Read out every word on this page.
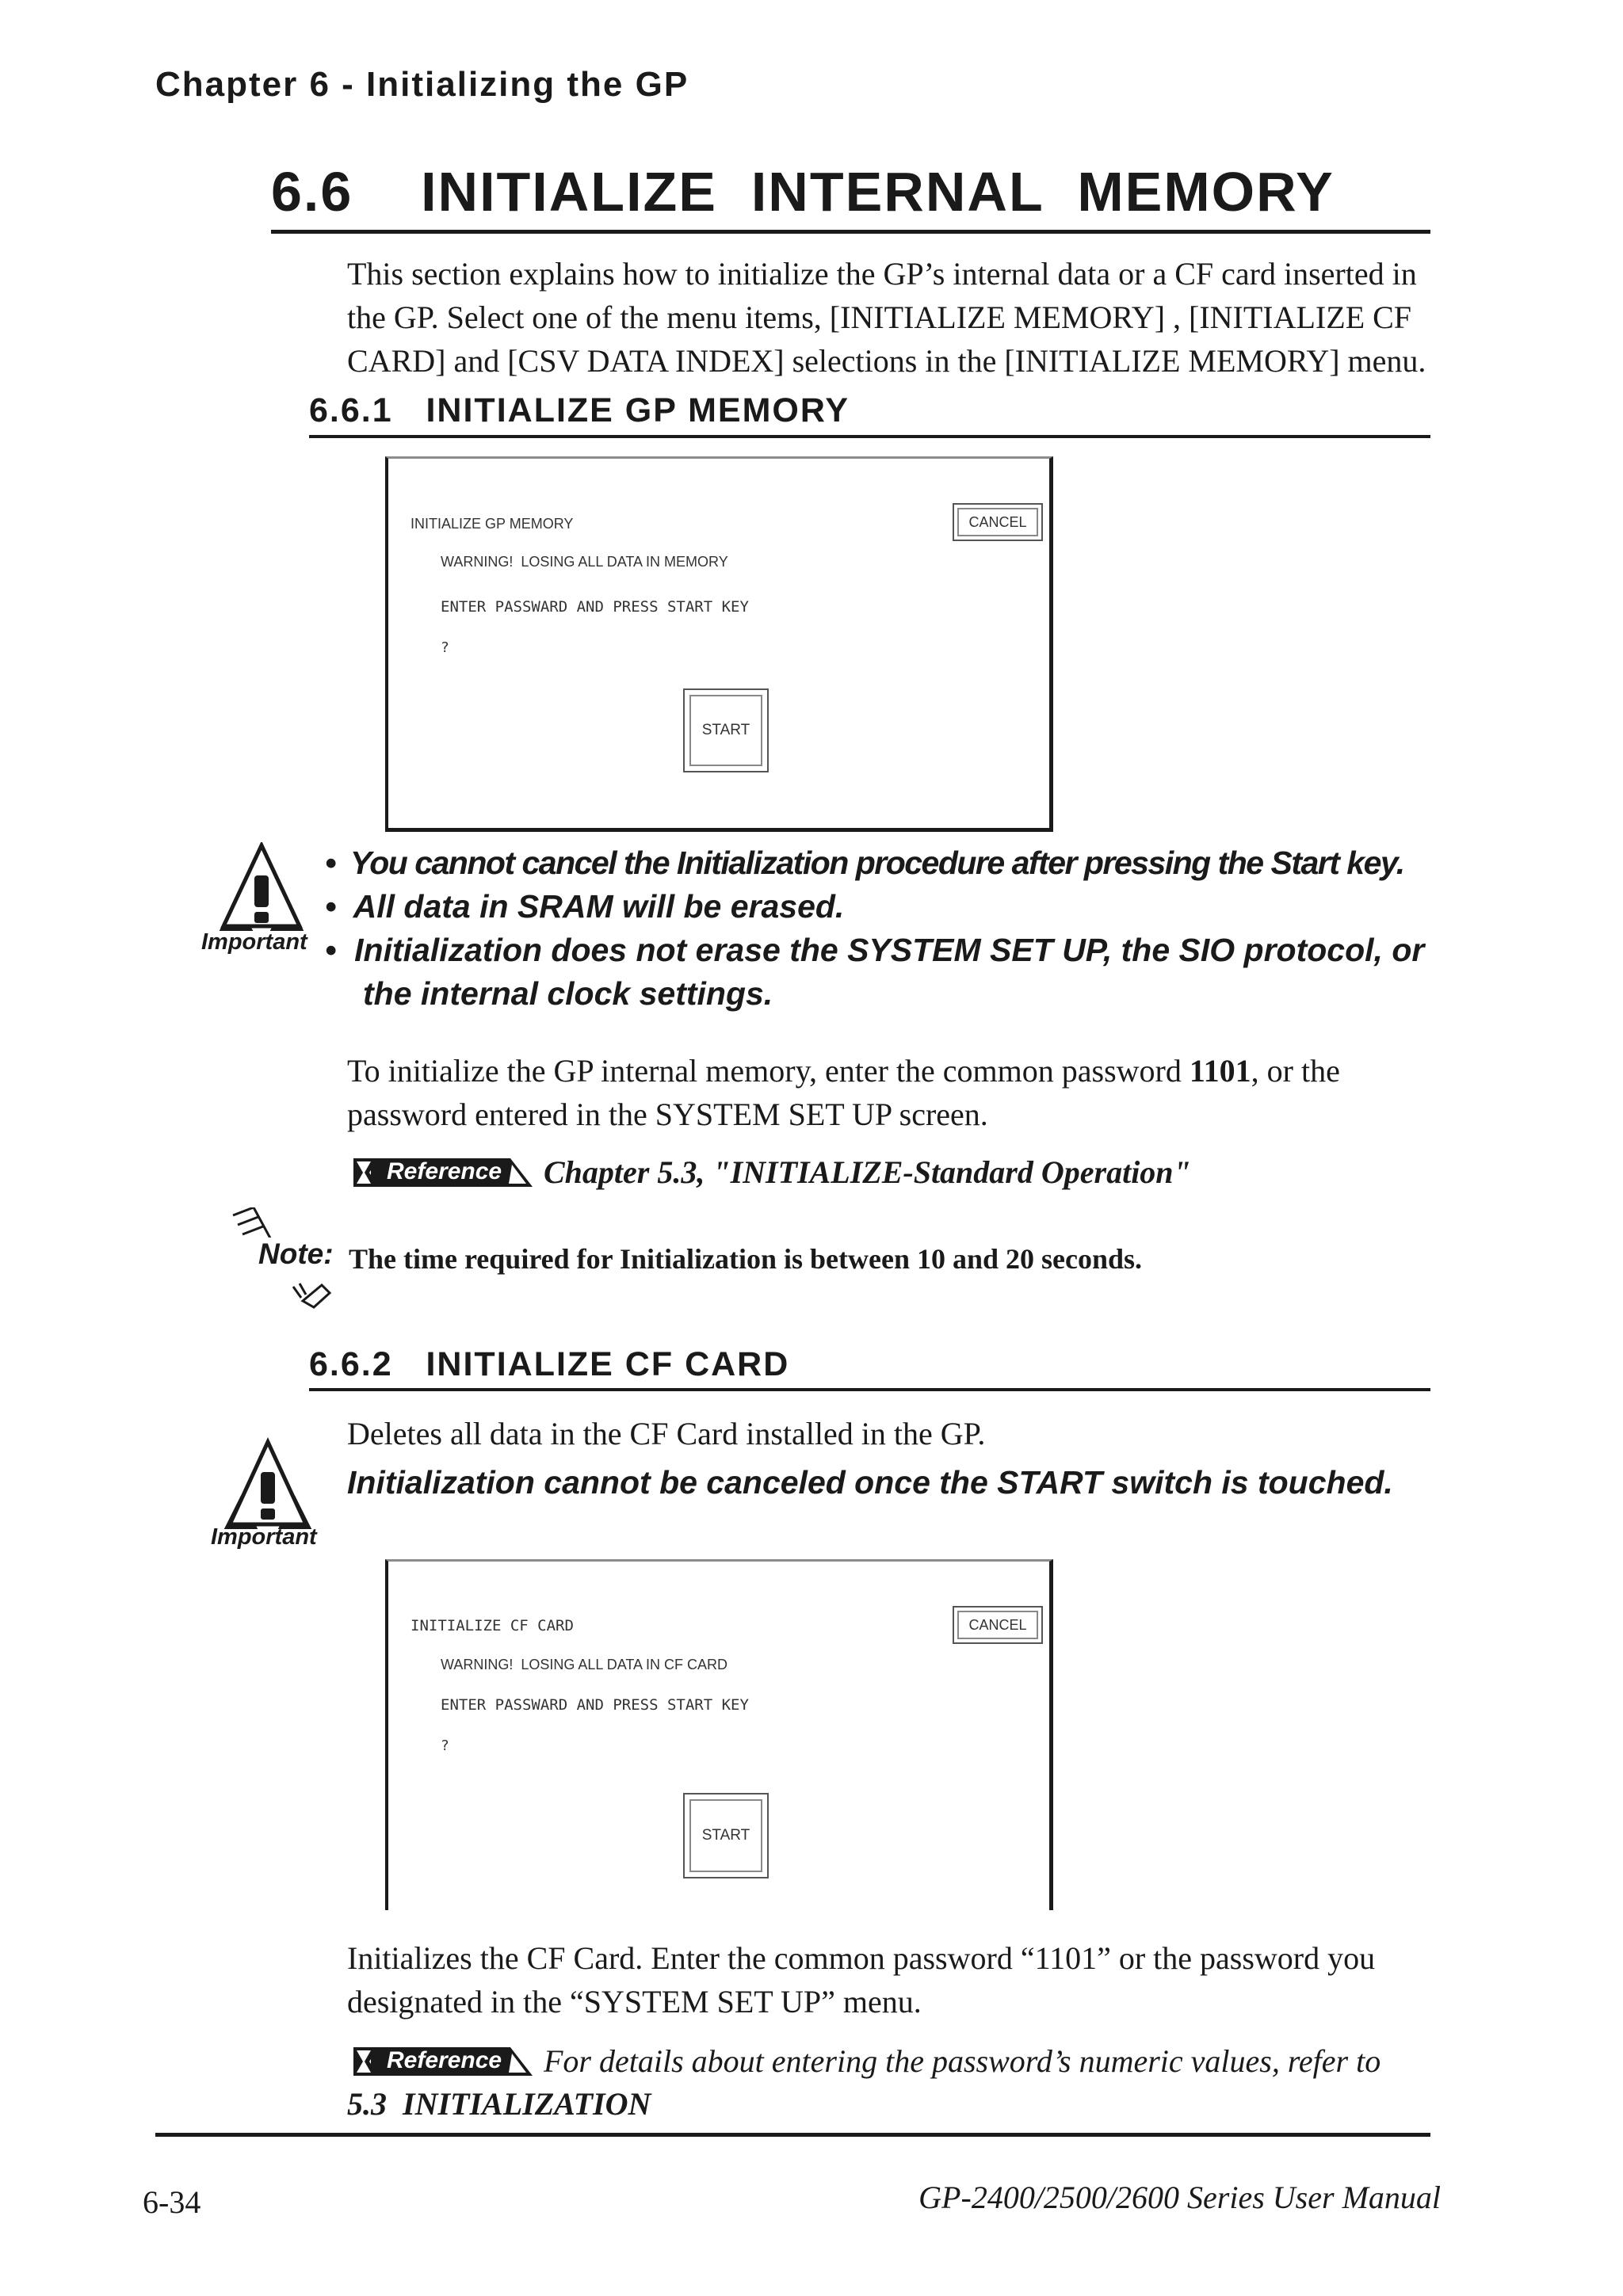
Chapter 6 - Initializing the GP
6.6    INITIALIZE  INTERNAL  MEMORY
This section explains how to initialize the GP’s internal data or a CF card inserted in
the GP. Select one of the menu items, [INITIALIZE MEMORY] , [INITIALIZE CF
CARD] and [CSV DATA INDEX] selections in the [INITIALIZE MEMORY] menu.
6.6.1   INITIALIZE GP MEMORY
INITIALIZE GP MEMORY
WARNING!  LOSING ALL DATA IN MEMORY
ENTER PASSWARD AND PRESS START KEY
?
CANCEL
START
Important
•  You cannot cancel the Initialization procedure after pressing the Start key.
•  All data in SRAM will be erased.
•  Initialization does not erase the SYSTEM SET UP, the SIO protocol, or
the internal clock settings.
To initialize the GP internal memory, enter the common password 1101, or the
password entered in the SYSTEM SET UP screen.
Reference Chapter 5.3, "INITIALIZE-Standard Operation"
Note: The time required for Initialization is between 10 and 20 seconds.
6.6.2   INITIALIZE CF CARD
Deletes all data in the CF Card installed in the GP.
Important
Initialization cannot be canceled once the START switch is touched.
INITIALIZE CF CARD
WARNING!  LOSING ALL DATA IN CF CARD
ENTER PASSWARD AND PRESS START KEY
?
CANCEL
START
Initializes the CF Card. Enter the common password “1101” or the password you
designated in the “SYSTEM SET UP” menu.
Reference For details about entering the password’s numeric values, refer to
5.3  INITIALIZATION
6-34	GP-2400/2500/2600 Series User Manual
